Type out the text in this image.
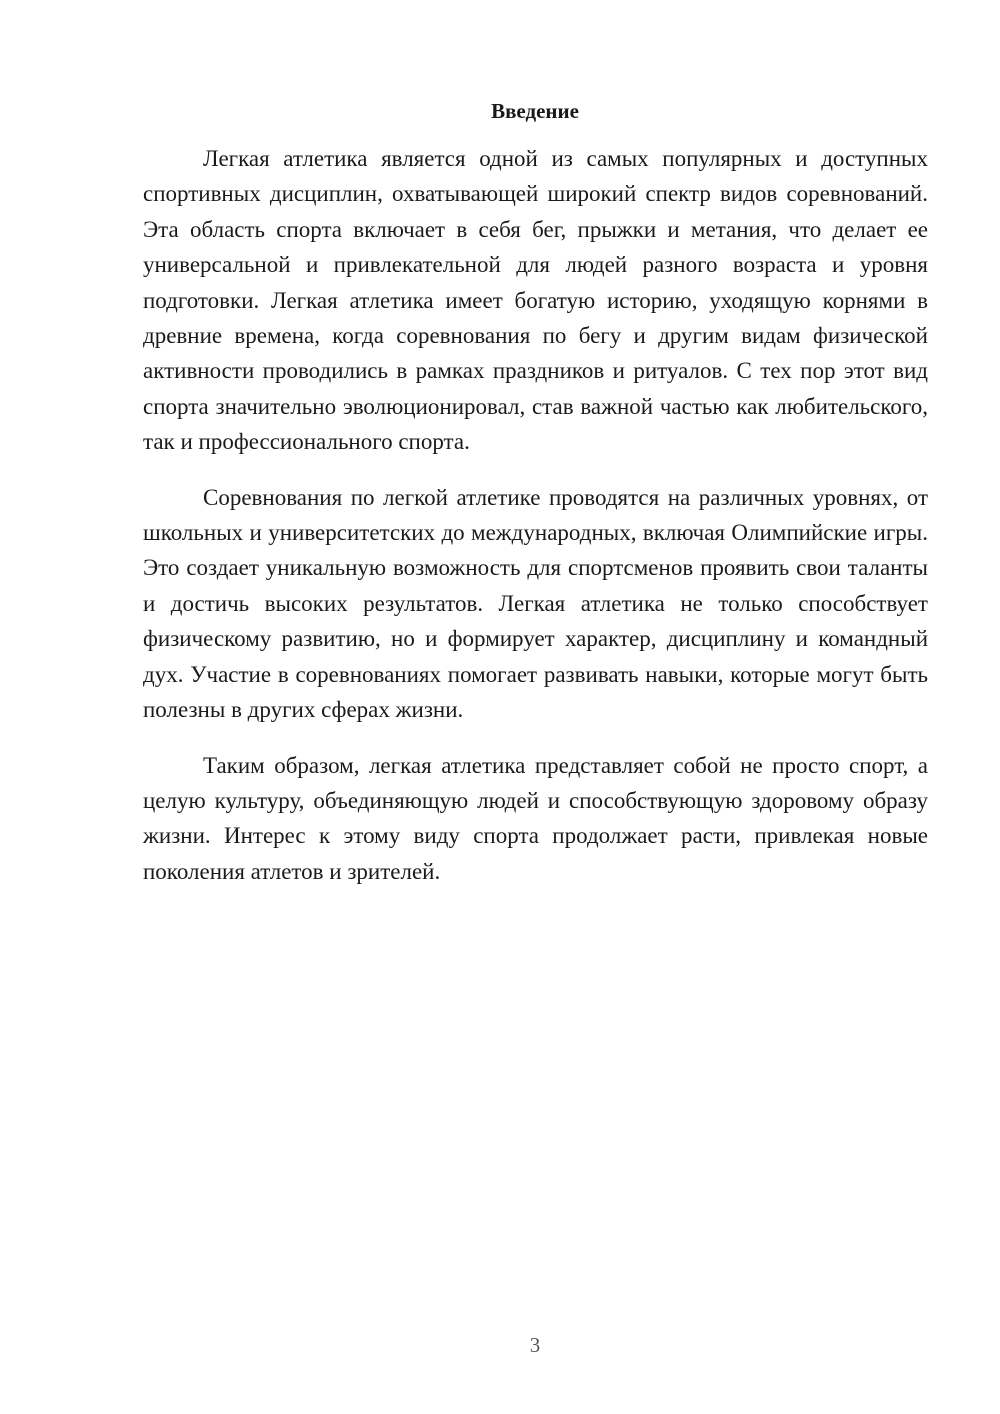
Введение

Легкая атлетика является одной из самых популярных и доступных спортивных дисциплин, охватывающей широкий спектр видов соревнований. Эта область спорта включает в себя бег, прыжки и метания, что делает ее универсальной и привлекательной для людей разного возраста и уровня подготовки. Легкая атлетика имеет богатую историю, уходящую корнями в древние времена, когда соревнования по бегу и другим видам физической активности проводились в рамках праздников и ритуалов. С тех пор этот вид спорта значительно эволюционировал, став важной частью как любительского, так и профессионального спорта.

Соревнования по легкой атлетике проводятся на различных уровнях, от школьных и университетских до международных, включая Олимпийские игры. Это создает уникальную возможность для спортсменов проявить свои таланты и достичь высоких результатов. Легкая атлетика не только способствует физическому развитию, но и формирует характер, дисциплину и командный дух. Участие в соревнованиях помогает развивать навыки, которые могут быть полезны в других сферах жизни.

Таким образом, легкая атлетика представляет собой не просто спорт, а целую культуру, объединяющую людей и способствующую здоровому образу жизни. Интерес к этому виду спорта продолжает расти, привлекая новые поколения атлетов и зрителей.

3
